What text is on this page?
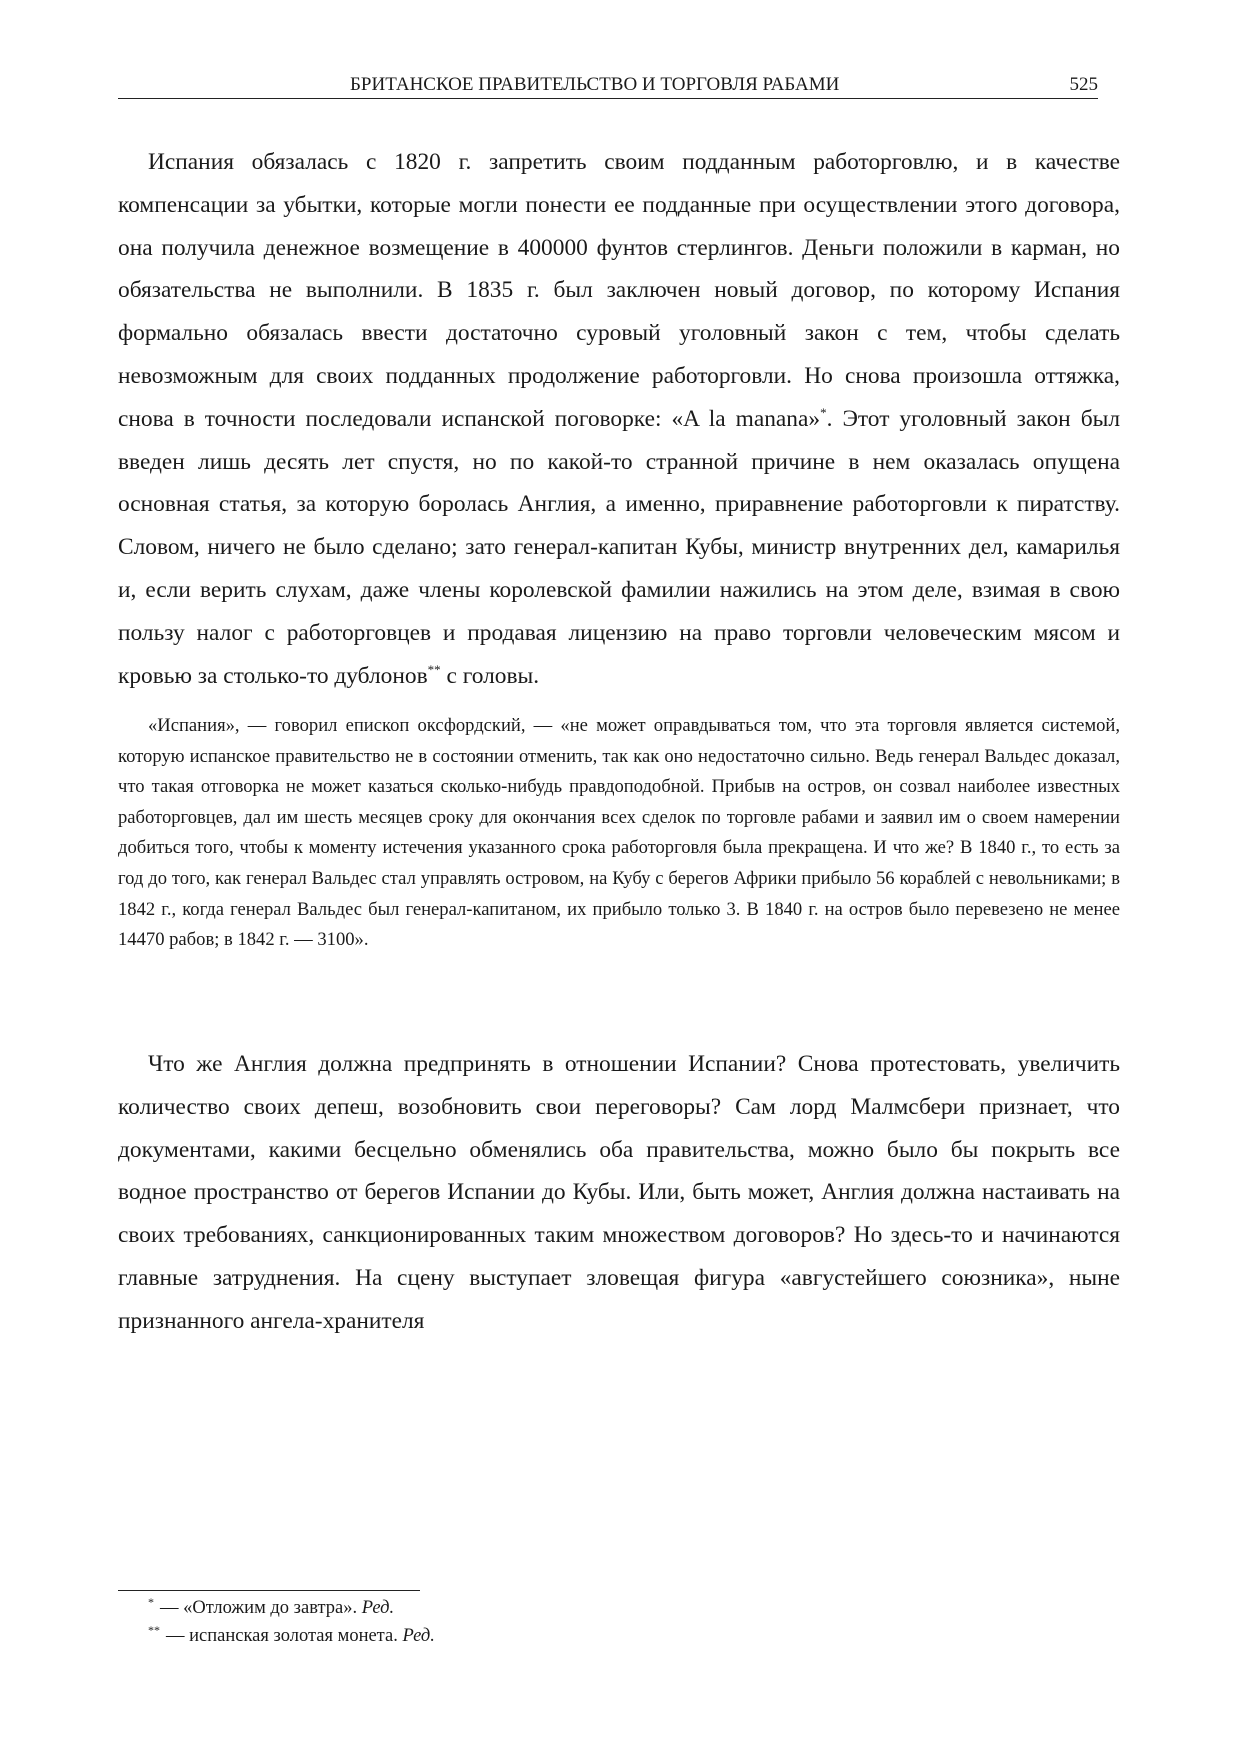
БРИТАНСКОЕ ПРАВИТЕЛЬСТВО И ТОРГОВЛЯ РАБАМИ	525

Испания обязалась с 1820 г. запретить своим подданным работорговлю, и в качестве компенсации за убытки, которые могли понести ее подданные при осуществлении этого договора, она получила денежное возмещение в 400000 фунтов стерлингов. Деньги положили в карман, но обязательства не выполнили. В 1835 г. был заключен новый договор, по которому Испания формально обязалась ввести достаточно суровый уголовный закон с тем, чтобы сделать невозможным для своих подданных продолжение работорговли. Но снова произошла оттяжка, снова в точности последовали испанской поговорке: «A la manana»*. Этот уголовный закон был введен лишь десять лет спустя, но по какой-то странной причине в нем оказалась опущена основная статья, за которую боролась Англия, а именно, приравнение работорговли к пиратству. Словом, ничего не было сделано; зато генерал-капитан Кубы, министр внутренних дел, камарилья и, если верить слухам, даже члены королевской фамилии нажились на этом деле, взимая в свою пользу налог с работорговцев и продавая лицензию на право торговли человеческим мясом и кровью за столько-то дублонов** с головы.

«Испания», — говорил епископ оксфордский, — «не может оправдываться том, что эта торговля является системой, которую испанское правительство не в состоянии отменить, так как оно недостаточно сильно. Ведь генерал Вальдес доказал, что такая отговорка не может казаться сколько-нибудь правдоподобной. Прибыв на остров, он созвал наиболее известных работорговцев, дал им шесть месяцев сроку для окончания всех сделок по торговле рабами и заявил им о своем намерении добиться того, чтобы к моменту истечения указанного срока работорговля была прекращена. И что же? В 1840 г., то есть за год до того, как генерал Вальдес стал управлять островом, на Кубу с берегов Африки прибыло 56 кораблей с невольниками; в 1842 г., когда генерал Вальдес был генерал-капитаном, их прибыло только 3. В 1840 г. на остров было перевезено не менее 14470 рабов; в 1842 г. — 3100».

Что же Англия должна предпринять в отношении Испании? Снова протестовать, увеличить количество своих депеш, возобновить свои переговоры? Сам лорд Малмсбери признает, что документами, какими бесцельно обменялись оба правительства, можно было бы покрыть все водное пространство от берегов Испании до Кубы. Или, быть может, Англия должна настаивать на своих требованиях, санкционированных таким множеством договоров? Но здесь-то и начинаются главные затруднения. На сцену выступает зловещая фигура «августейшего союзника», ныне признанного ангела-хранителя

* — «Отложим до завтра». Ред.
** — испанская золотая монета. Ред.
